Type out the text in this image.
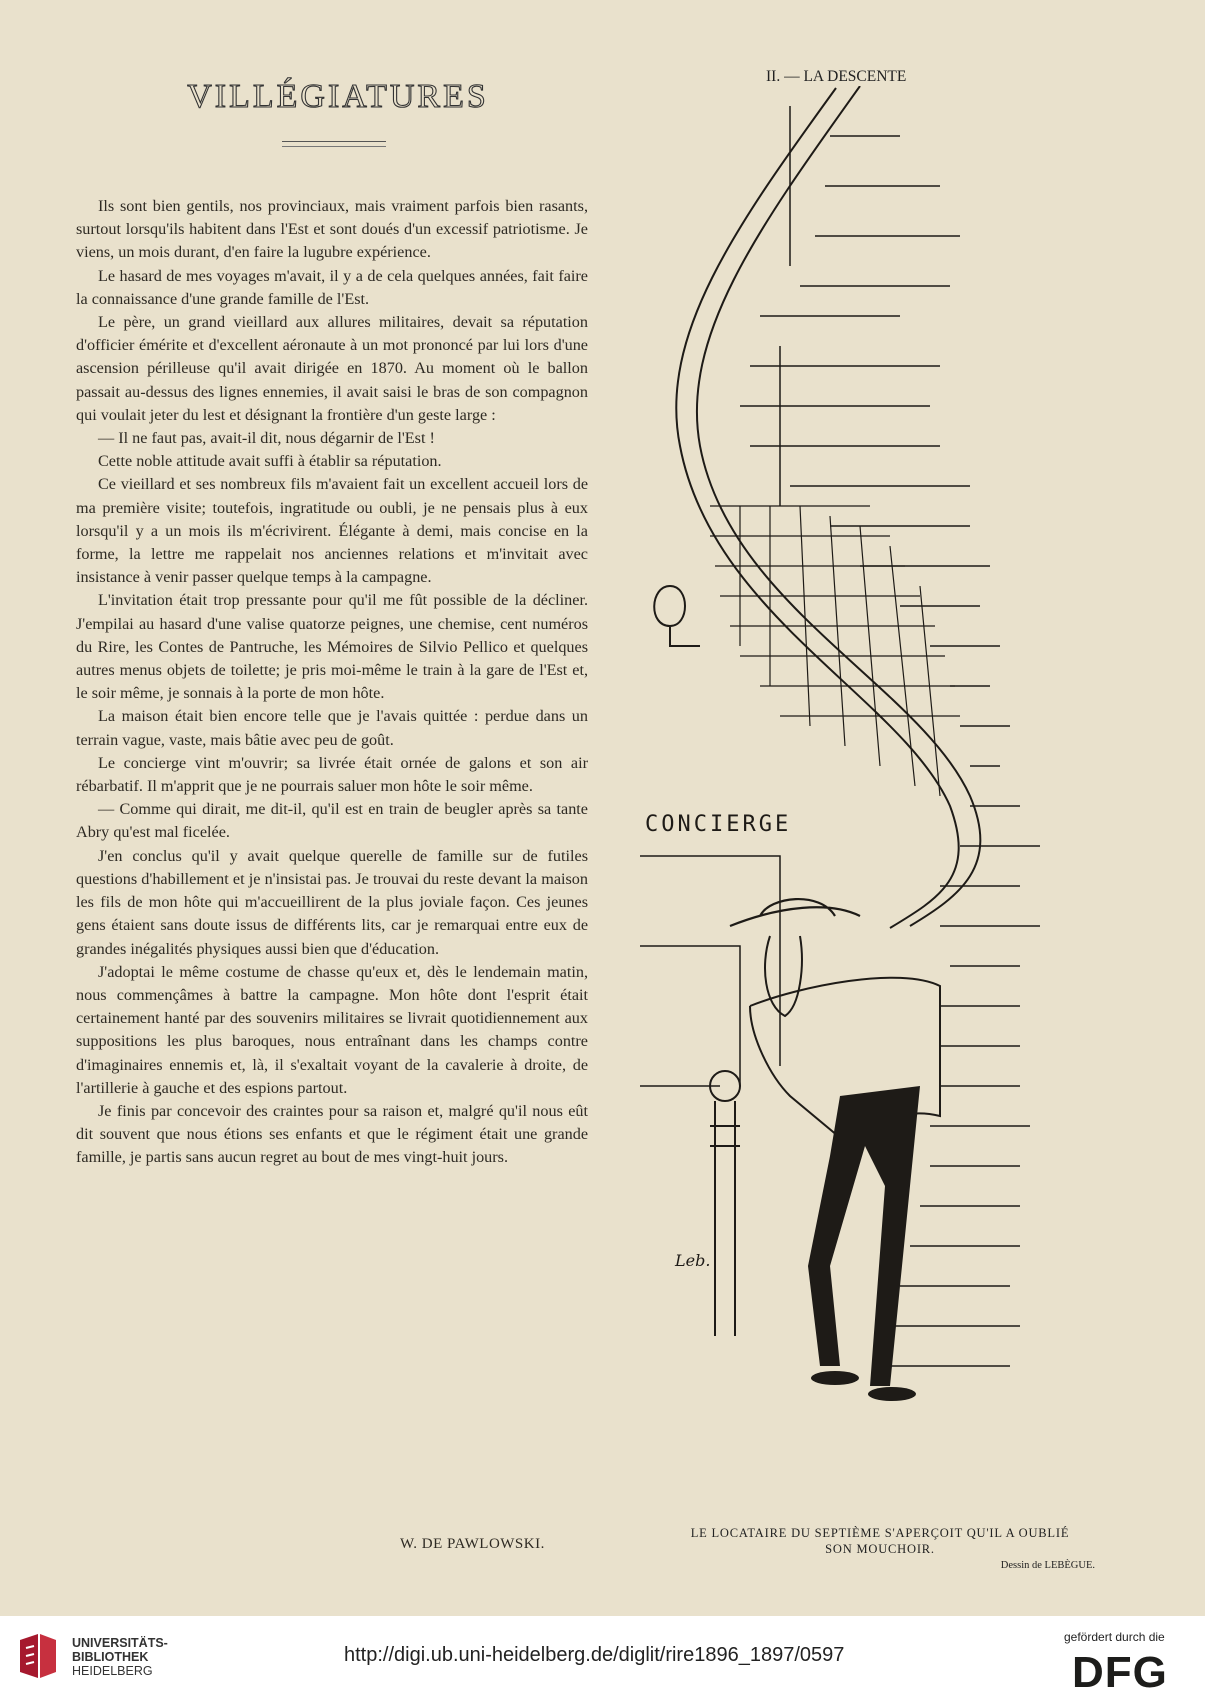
VILLÉGIATURES

Ils sont bien gentils, nos provinciaux, mais vraiment parfois bien rasants, surtout lorsqu'ils habitent dans l'Est et sont doués d'un excessif patriotisme. Je viens, un mois durant, d'en faire la lugubre expérience.

Le hasard de mes voyages m'avait, il y a de cela quelques années, fait faire la connaissance d'une grande famille de l'Est.

Le père, un grand vieillard aux allures militaires, devait sa réputation d'officier émérite et d'excellent aéronaute à un mot prononcé par lui lors d'une ascension périlleuse qu'il avait dirigée en 1870. Au moment où le ballon passait au-dessus des lignes ennemies, il avait saisi le bras de son compagnon qui voulait jeter du lest et désignant la frontière d'un geste large :

— Il ne faut pas, avait-il dit, nous dégarnir de l'Est !

Cette noble attitude avait suffi à établir sa réputation.

Ce vieillard et ses nombreux fils m'avaient fait un excellent accueil lors de ma première visite; toutefois, ingratitude ou oubli, je ne pensais plus à eux lorsqu'il y a un mois ils m'écrivirent. Élégante à demi, mais concise en la forme, la lettre me rappelait nos anciennes relations et m'invitait avec insistance à venir passer quelque temps à la campagne.

L'invitation était trop pressante pour qu'il me fût possible de la décliner. J'empilai au hasard d'une valise quatorze peignes, une chemise, cent numéros du Rire, les Contes de Pantruche, les Mémoires de Silvio Pellico et quelques autres menus objets de toilette; je pris moi-même le train à la gare de l'Est et, le soir même, je sonnais à la porte de mon hôte.

La maison était bien encore telle que je l'avais quittée : perdue dans un terrain vague, vaste, mais bâtie avec peu de goût.

Le concierge vint m'ouvrir; sa livrée était ornée de galons et son air rébarbatif. Il m'apprit que je ne pourrais saluer mon hôte le soir même.

— Comme qui dirait, me dit-il, qu'il est en train de beugler après sa tante Abry qu'est mal ficelée.

J'en conclus qu'il y avait quelque querelle de famille sur de futiles questions d'habillement et je n'insistai pas. Je trouvai du reste devant la maison les fils de mon hôte qui m'accueillirent de la plus joviale façon. Ces jeunes gens étaient sans doute issus de différents lits, car je remarquai entre eux de grandes inégalités physiques aussi bien que d'éducation.

J'adoptai le même costume de chasse qu'eux et, dès le lendemain matin, nous commençâmes à battre la campagne. Mon hôte dont l'esprit était certainement hanté par des souvenirs militaires se livrait quotidiennement aux suppositions les plus baroques, nous entraînant dans les champs contre d'imaginaires ennemis et, là, il s'exaltait voyant de la cavalerie à droite, de l'artillerie à gauche et des espions partout.

Je finis par concevoir des craintes pour sa raison et, malgré qu'il nous eût dit souvent que nous étions ses enfants et que le régiment était une grande famille, je partis sans aucun regret au bout de mes vingt-huit jours.

W. DE PAWLOWSKI.
II. — LA DESCENTE
CONCIERGE
Leb.
LE LOCATAIRE DU SEPTIÈME S'APERÇOIT QU'IL A OUBLIÉ
SON MOUCHOIR.
Dessin de LEBÈGUE.
UNIVERSITÄTS-
BIBLIOTHEK
HEIDELBERG
http://digi.ub.uni-heidelberg.de/diglit/rire1896_1897/0597
gefördert durch die
DFG
